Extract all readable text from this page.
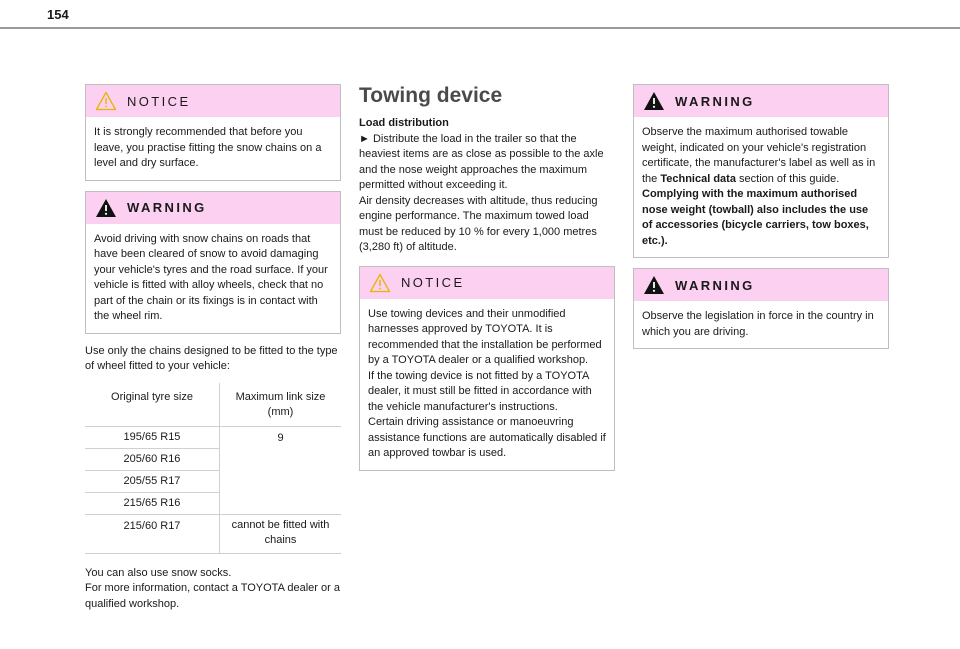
154
NOTICE
It is strongly recommended that before you leave, you practise fitting the snow chains on a level and dry surface.
WARNING
Avoid driving with snow chains on roads that have been cleared of snow to avoid damaging your vehicle's tyres and the road surface. If your vehicle is fitted with alloy wheels, check that no part of the chain or its fixings is in contact with the wheel rim.

Use only the chains designed to be fitted to the type of wheel fitted to your vehicle:

Original tyre size	Maximum link size (mm)
195/65 R15	9
205/60 R16	
205/55 R17	
215/65 R16	
215/60 R17	cannot be fitted with chains

You can also use snow socks.

For more information, contact a TOYOTA dealer or a qualified workshop.

Towing device

Load distribution

► Distribute the load in the trailer so that the heaviest items are as close as possible to the axle and the nose weight approaches the maximum permitted without exceeding it.

Air density decreases with altitude, thus reducing engine performance. The maximum towed load must be reduced by 10 % for every 1,000 metres (3,280 ft) of altitude.

NOTICE
Use towing devices and their unmodified harnesses approved by TOYOTA. It is recommended that the installation be performed by a TOYOTA dealer or a qualified workshop.
If the towing device is not fitted by a TOYOTA dealer, it must still be fitted in accordance with the vehicle manufacturer's instructions.
Certain driving assistance or manoeuvring assistance functions are automatically disabled if an approved towbar is used.
WARNING
Observe the maximum authorised towable weight, indicated on your vehicle's registration certificate, the manufacturer's label as well as in the Technical data section of this guide.
Complying with the maximum authorised nose weight (towball) also includes the use of accessories (bicycle carriers, tow boxes, etc.).
WARNING
Observe the legislation in force in the country in which you are driving.
